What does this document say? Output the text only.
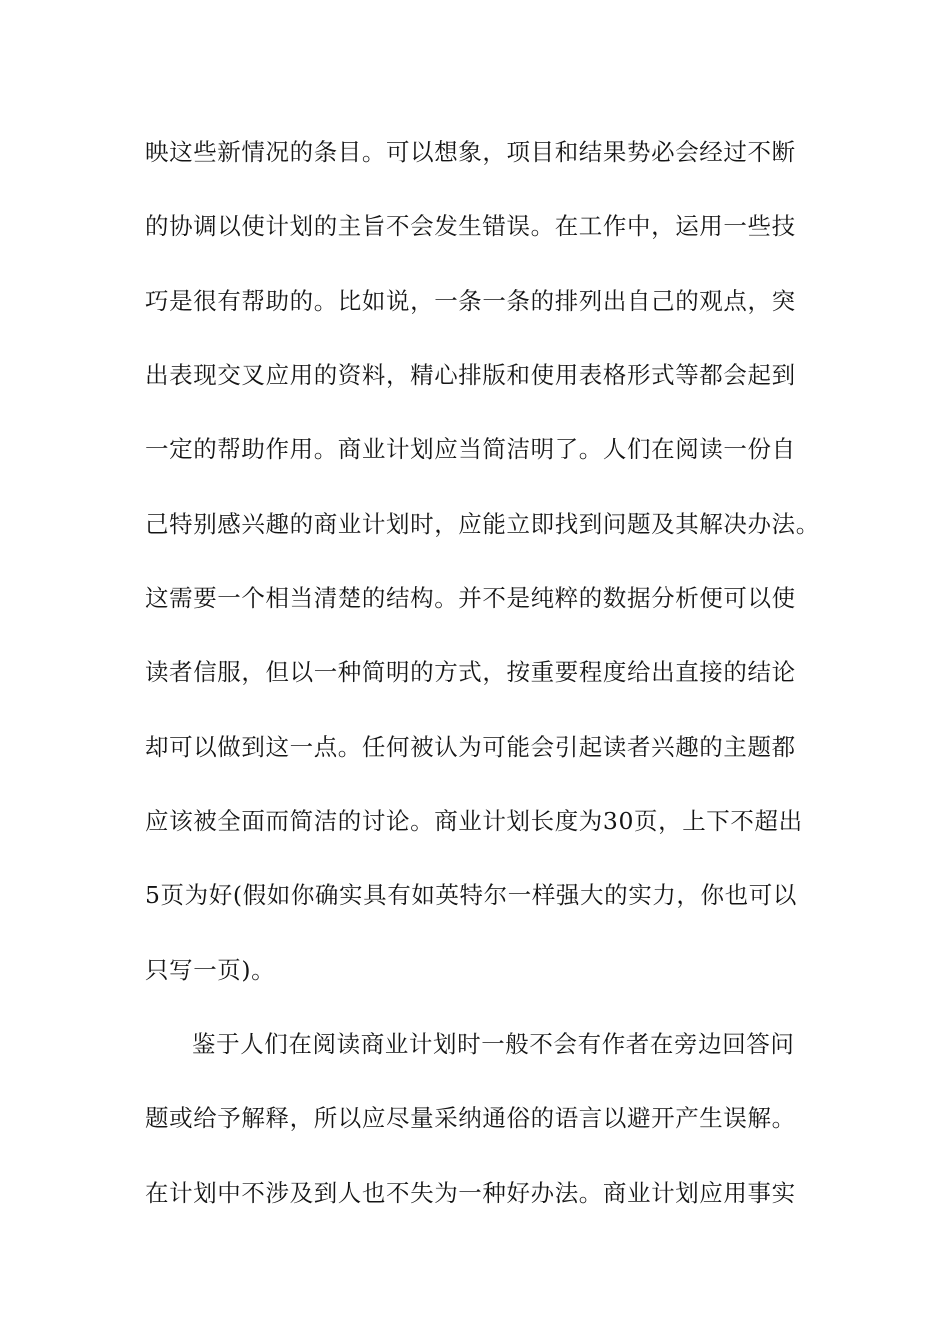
映这些新情况的条目。可以想象，项目和结果势必会经过不断
的协调以使计划的主旨不会发生错误。在工作中，运用一些技
巧是很有帮助的。比如说，一条一条的排列出自己的观点，突
出表现交叉应用的资料，精心排版和使用表格形式等都会起到
一定的帮助作用。商业计划应当简洁明了。人们在阅读一份自
己特别感兴趣的商业计划时，应能立即找到问题及其解决办法。
这需要一个相当清楚的结构。并不是纯粹的数据分析便可以使
读者信服，但以一种简明的方式，按重要程度给出直接的结论
却可以做到这一点。任何被认为可能会引起读者兴趣的主题都
应该被全面而简洁的讨论。商业计划长度为30页，上下不超出
5页为好(假如你确实具有如英特尔一样强大的实力，你也可以
只写一页)。
鉴于人们在阅读商业计划时一般不会有作者在旁边回答问
题或给予解释，所以应尽量采纳通俗的语言以避开产生误解。
在计划中不涉及到人也不失为一种好办法。商业计划应用事实
